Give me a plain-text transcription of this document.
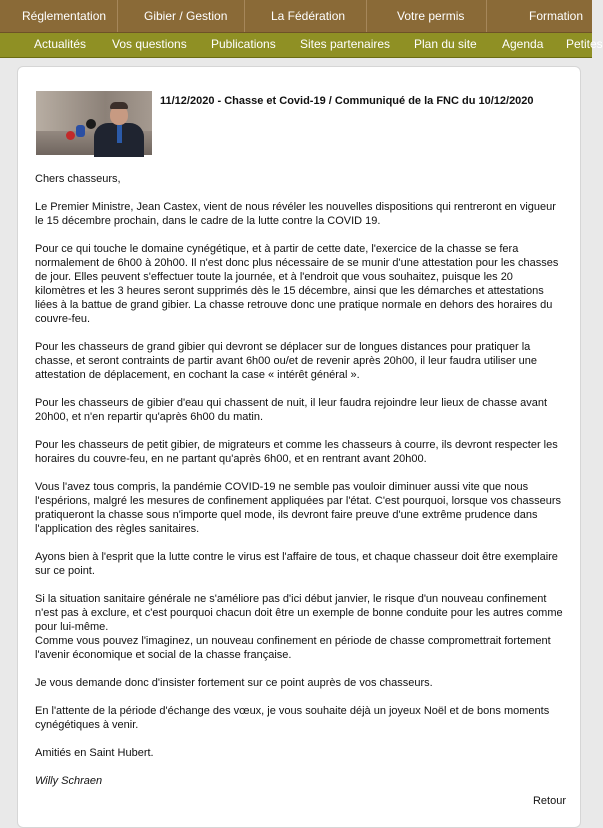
Réglementation	Gibier / Gestion	La Fédération	Votre permis	Formation
Actualités Vos questions Publications Sites partenaires Plan du site Agenda Petites
11/12/2020 - Chasse et Covid-19 / Communiqué de la FNC du 10/12/2020

Chers chasseurs,

Le Premier Ministre, Jean Castex, vient de nous révéler les nouvelles dispositions qui rentreront en vigueur le 15 décembre prochain, dans le cadre de la lutte contre la COVID 19.

Pour ce qui touche le domaine cynégétique, et à partir de cette date, l'exercice de la chasse se fera normalement de 6h00 à 20h00. Il n'est donc plus nécessaire de se munir d'une attestation pour les chasses de jour. Elles peuvent s'effectuer toute la journée, et à l'endroit que vous souhaitez, puisque les 20 kilomètres et les 3 heures seront supprimés dès le 15 décembre, ainsi que les démarches et attestations liées à la battue de grand gibier. La chasse retrouve donc une pratique normale en dehors des horaires du couvre-feu.

Pour les chasseurs de grand gibier qui devront se déplacer sur de longues distances pour pratiquer la chasse, et seront contraints de partir avant 6h00 ou/et de revenir après 20h00, il leur faudra utiliser une attestation de déplacement, en cochant la case « intérêt général ».

Pour les chasseurs de gibier d'eau qui chassent de nuit, il leur faudra rejoindre leur lieux de chasse avant 20h00, et n'en repartir qu'après 6h00 du matin.

Pour les chasseurs de petit gibier, de migrateurs et comme les chasseurs à courre, ils devront respecter les horaires du couvre-feu, en ne partant qu'après 6h00, et en rentrant avant 20h00.

Vous l'avez tous compris, la pandémie COVID-19 ne semble pas vouloir diminuer aussi vite que nous l'espérions, malgré les mesures de confinement appliquées par l'état. C'est pourquoi, lorsque vos chasseurs pratiqueront la chasse sous n'importe quel mode, ils devront faire preuve d'une extrême prudence dans l'application des règles sanitaires.

Ayons bien à l'esprit que la lutte contre le virus est l'affaire de tous, et chaque chasseur doit être exemplaire sur ce point.

Si la situation sanitaire générale ne s'améliore pas d'ici début janvier, le risque d'un nouveau confinement n'est pas à exclure, et c'est pourquoi chacun doit être un exemple de bonne conduite pour les autres comme pour lui-même.

Comme vous pouvez l'imaginez, un nouveau confinement en période de chasse compromettrait fortement l'avenir économique et social de la chasse française.

Je vous demande donc d'insister fortement sur ce point auprès de vos chasseurs.

En l'attente de la période d'échange des vœux, je vous souhaite déjà un joyeux Noël et de bons moments cynégétiques à venir.

Amitiés en Saint Hubert.

Willy Schraen

Retour
